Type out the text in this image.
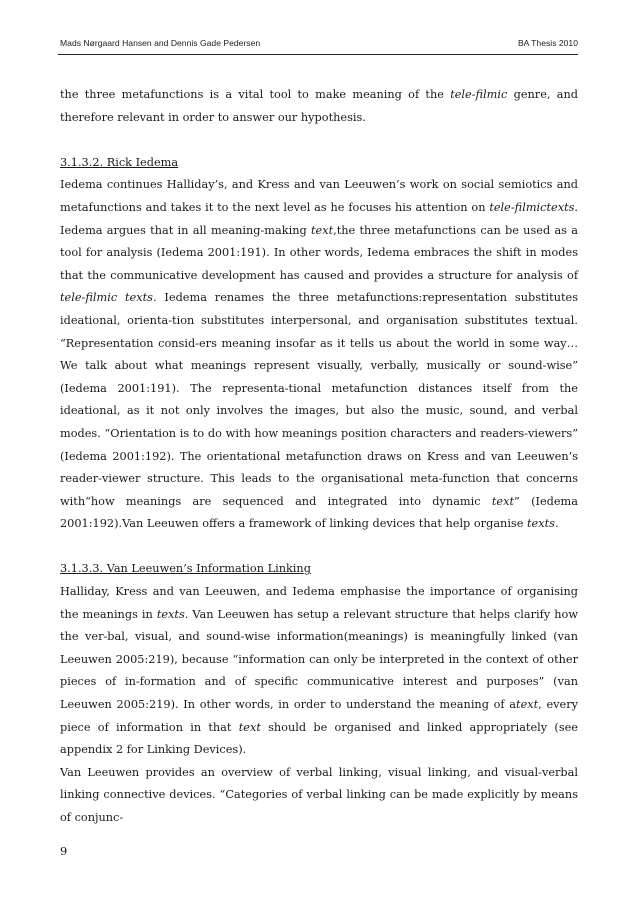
Mads Nørgaard Hansen and Dennis Gade Pedersen	BA Thesis 2010

the three metafunctions is a vital tool to make meaning of the tele-filmic genre, and therefore relevant in order to answer our hypothesis.

3.1.3.2. Rick Iedema

Iedema continues Halliday’s, and Kress and van Leeuwen’s work on social semiotics and metafunctions and takes it to the next level as he focuses his attention on tele-filmictexts. Iedema argues that in all meaning-making text,the three metafunctions can be used as a tool for analysis (Iedema 2001:191). In other words, Iedema embraces the shift in modes that the communicative development has caused and provides a structure for analysis of tele-filmic texts. Iedema renames the three metafunctions:representation substitutes ideational, orienta-tion substitutes interpersonal, and organisation substitutes textual. “Representation consid-ers meaning insofar as it tells us about the world in some way…We talk about what meanings represent visually, verbally, musically or sound-wise” (Iedema 2001:191). The representa-tional metafunction distances itself from the ideational, as it not only involves the images, but also the music, sound, and verbal modes. “Orientation is to do with how meanings position characters and readers-viewers” (Iedema 2001:192). The orientational metafunction draws on Kress and van Leeuwen’s reader-viewer structure. This leads to the organisational meta-function that concerns with“how meanings are sequenced and integrated into dynamic text” (Iedema 2001:192).Van Leeuwen offers a framework of linking devices that help organise texts.

3.1.3.3. Van Leeuwen’s Information Linking

Halliday, Kress and van Leeuwen, and Iedema emphasise the importance of organising the meanings in texts. Van Leeuwen has setup a relevant structure that helps clarify how the ver-bal, visual, and sound-wise information(meanings) is meaningfully linked (van Leeuwen 2005:219), because “information can only be interpreted in the context of other pieces of in-formation and of specific communicative interest and purposes” (van Leeuwen 2005:219). In other words, in order to understand the meaning of atext, every piece of information in that text should be organised and linked appropriately (see appendix 2 for Linking Devices).

Van Leeuwen provides an overview of verbal linking, visual linking, and visual-verbal linking connective devices. “Categories of verbal linking can be made explicitly by means of conjunc-

9
